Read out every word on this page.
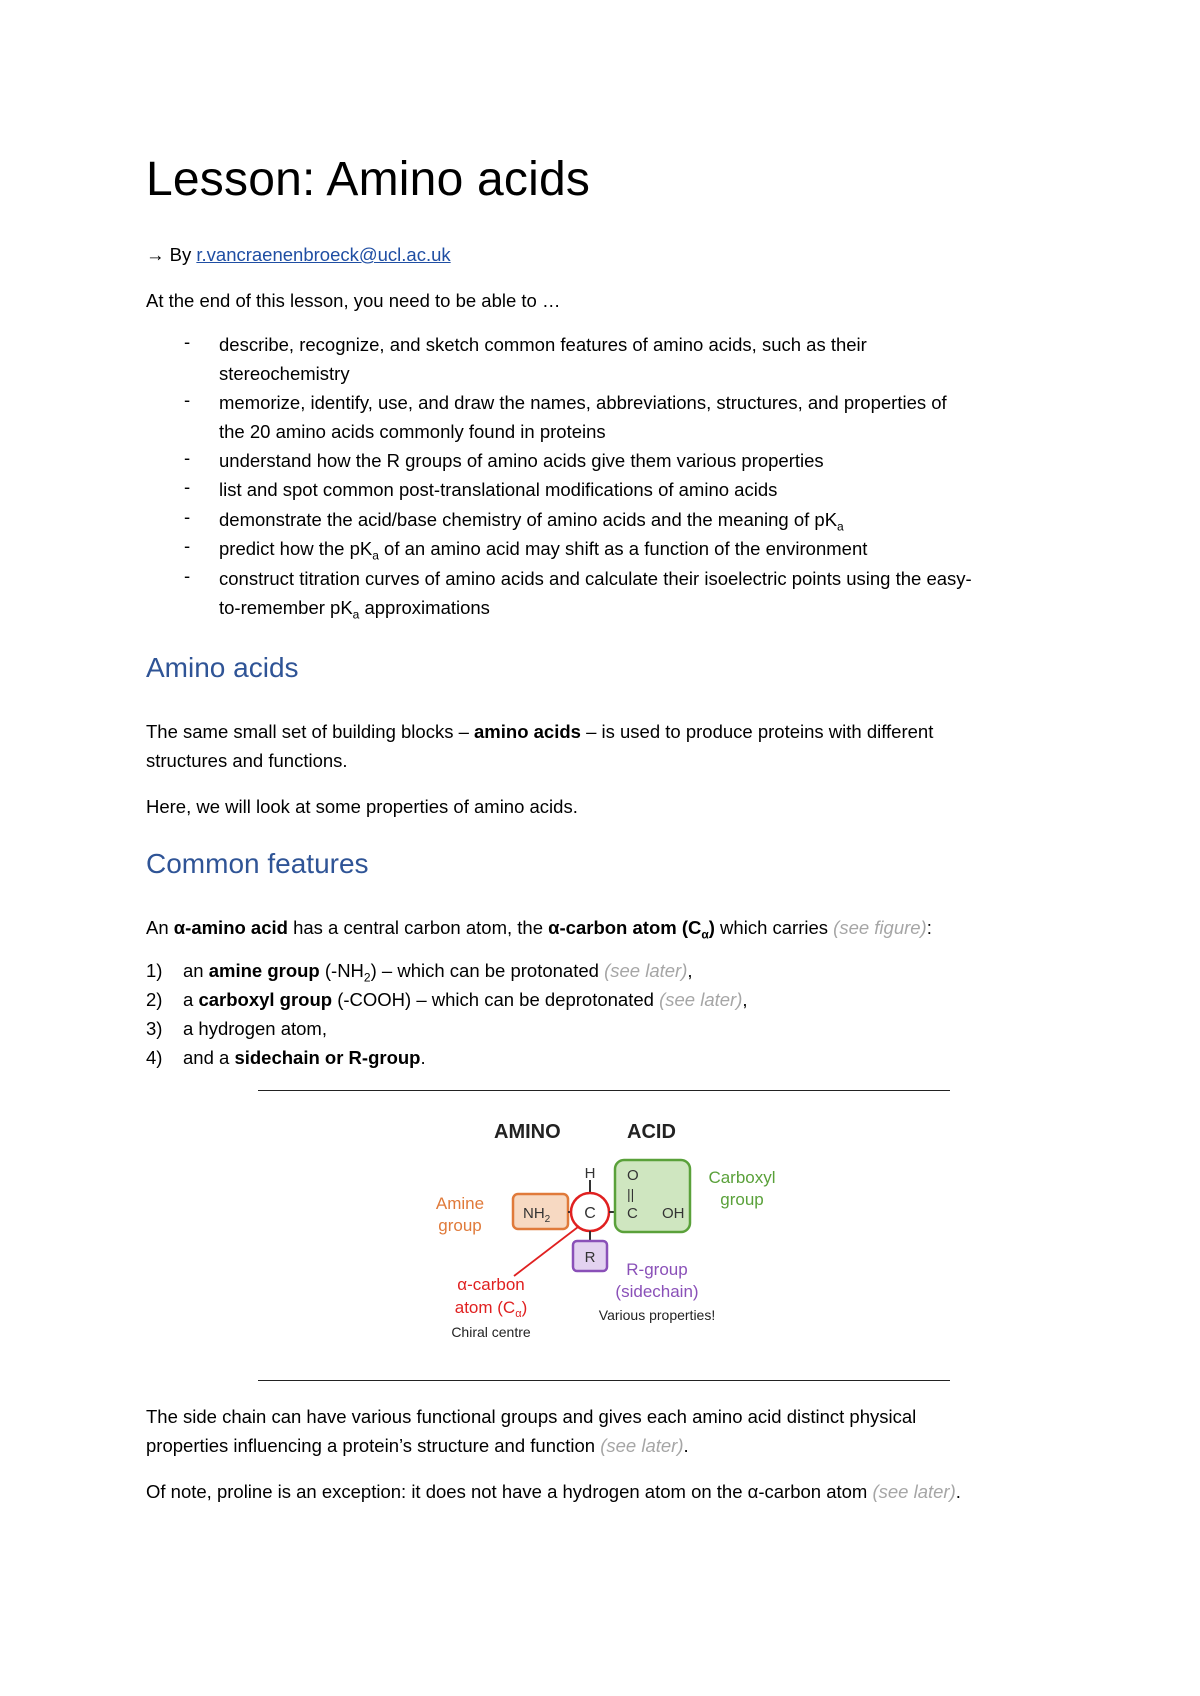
Lesson: Amino acids
→ By r.vancraenenbroeck@ucl.ac.uk
At the end of this lesson, you need to be able to …
- describe, recognize, and sketch common features of amino acids, such as their
stereochemistry
- memorize, identify, use, and draw the names, abbreviations, structures, and properties of
the 20 amino acids commonly found in proteins
- understand how the R groups of amino acids give them various properties
- list and spot common post-translational modifications of amino acids
- demonstrate the acid/base chemistry of amino acids and the meaning of $pK_a$
- predict how the $pK_a$ of an amino acid may shift as a function of the environment
- construct titration curves of amino acids and calculate their isoelectric points using the easy-
to-remember $pK_a$ approximations
Amino acids
The same small set of building blocks – amino acids – is used to produce proteins with different
structures and functions.
Here, we will look at some properties of amino acids.
Common features
An α-amino acid has a central carbon atom, the α-carbon atom $(C_\alpha)$ which carries (see figure):
1) an amine group $(-NH_2)$ – which can be protonated (see later),
2) a carboxyl group (-COOH) – which can be deprotonated (see later),
3) a hydrogen atom,
4) and a sidechain or R-group.
AMINO	ACID
Amine
group
$NH_2$
H
C
O
||
C OH
Carboxyl
group
R
R-group
(sidechain)
Various properties!
α-carbon
atom $(C_\alpha)$
Chiral centre
The side chain can have various functional groups and gives each amino acid distinct physical
properties influencing a protein’s structure and function (see later).
Of note, proline is an exception: it does not have a hydrogen atom on the α-carbon atom (see later).
